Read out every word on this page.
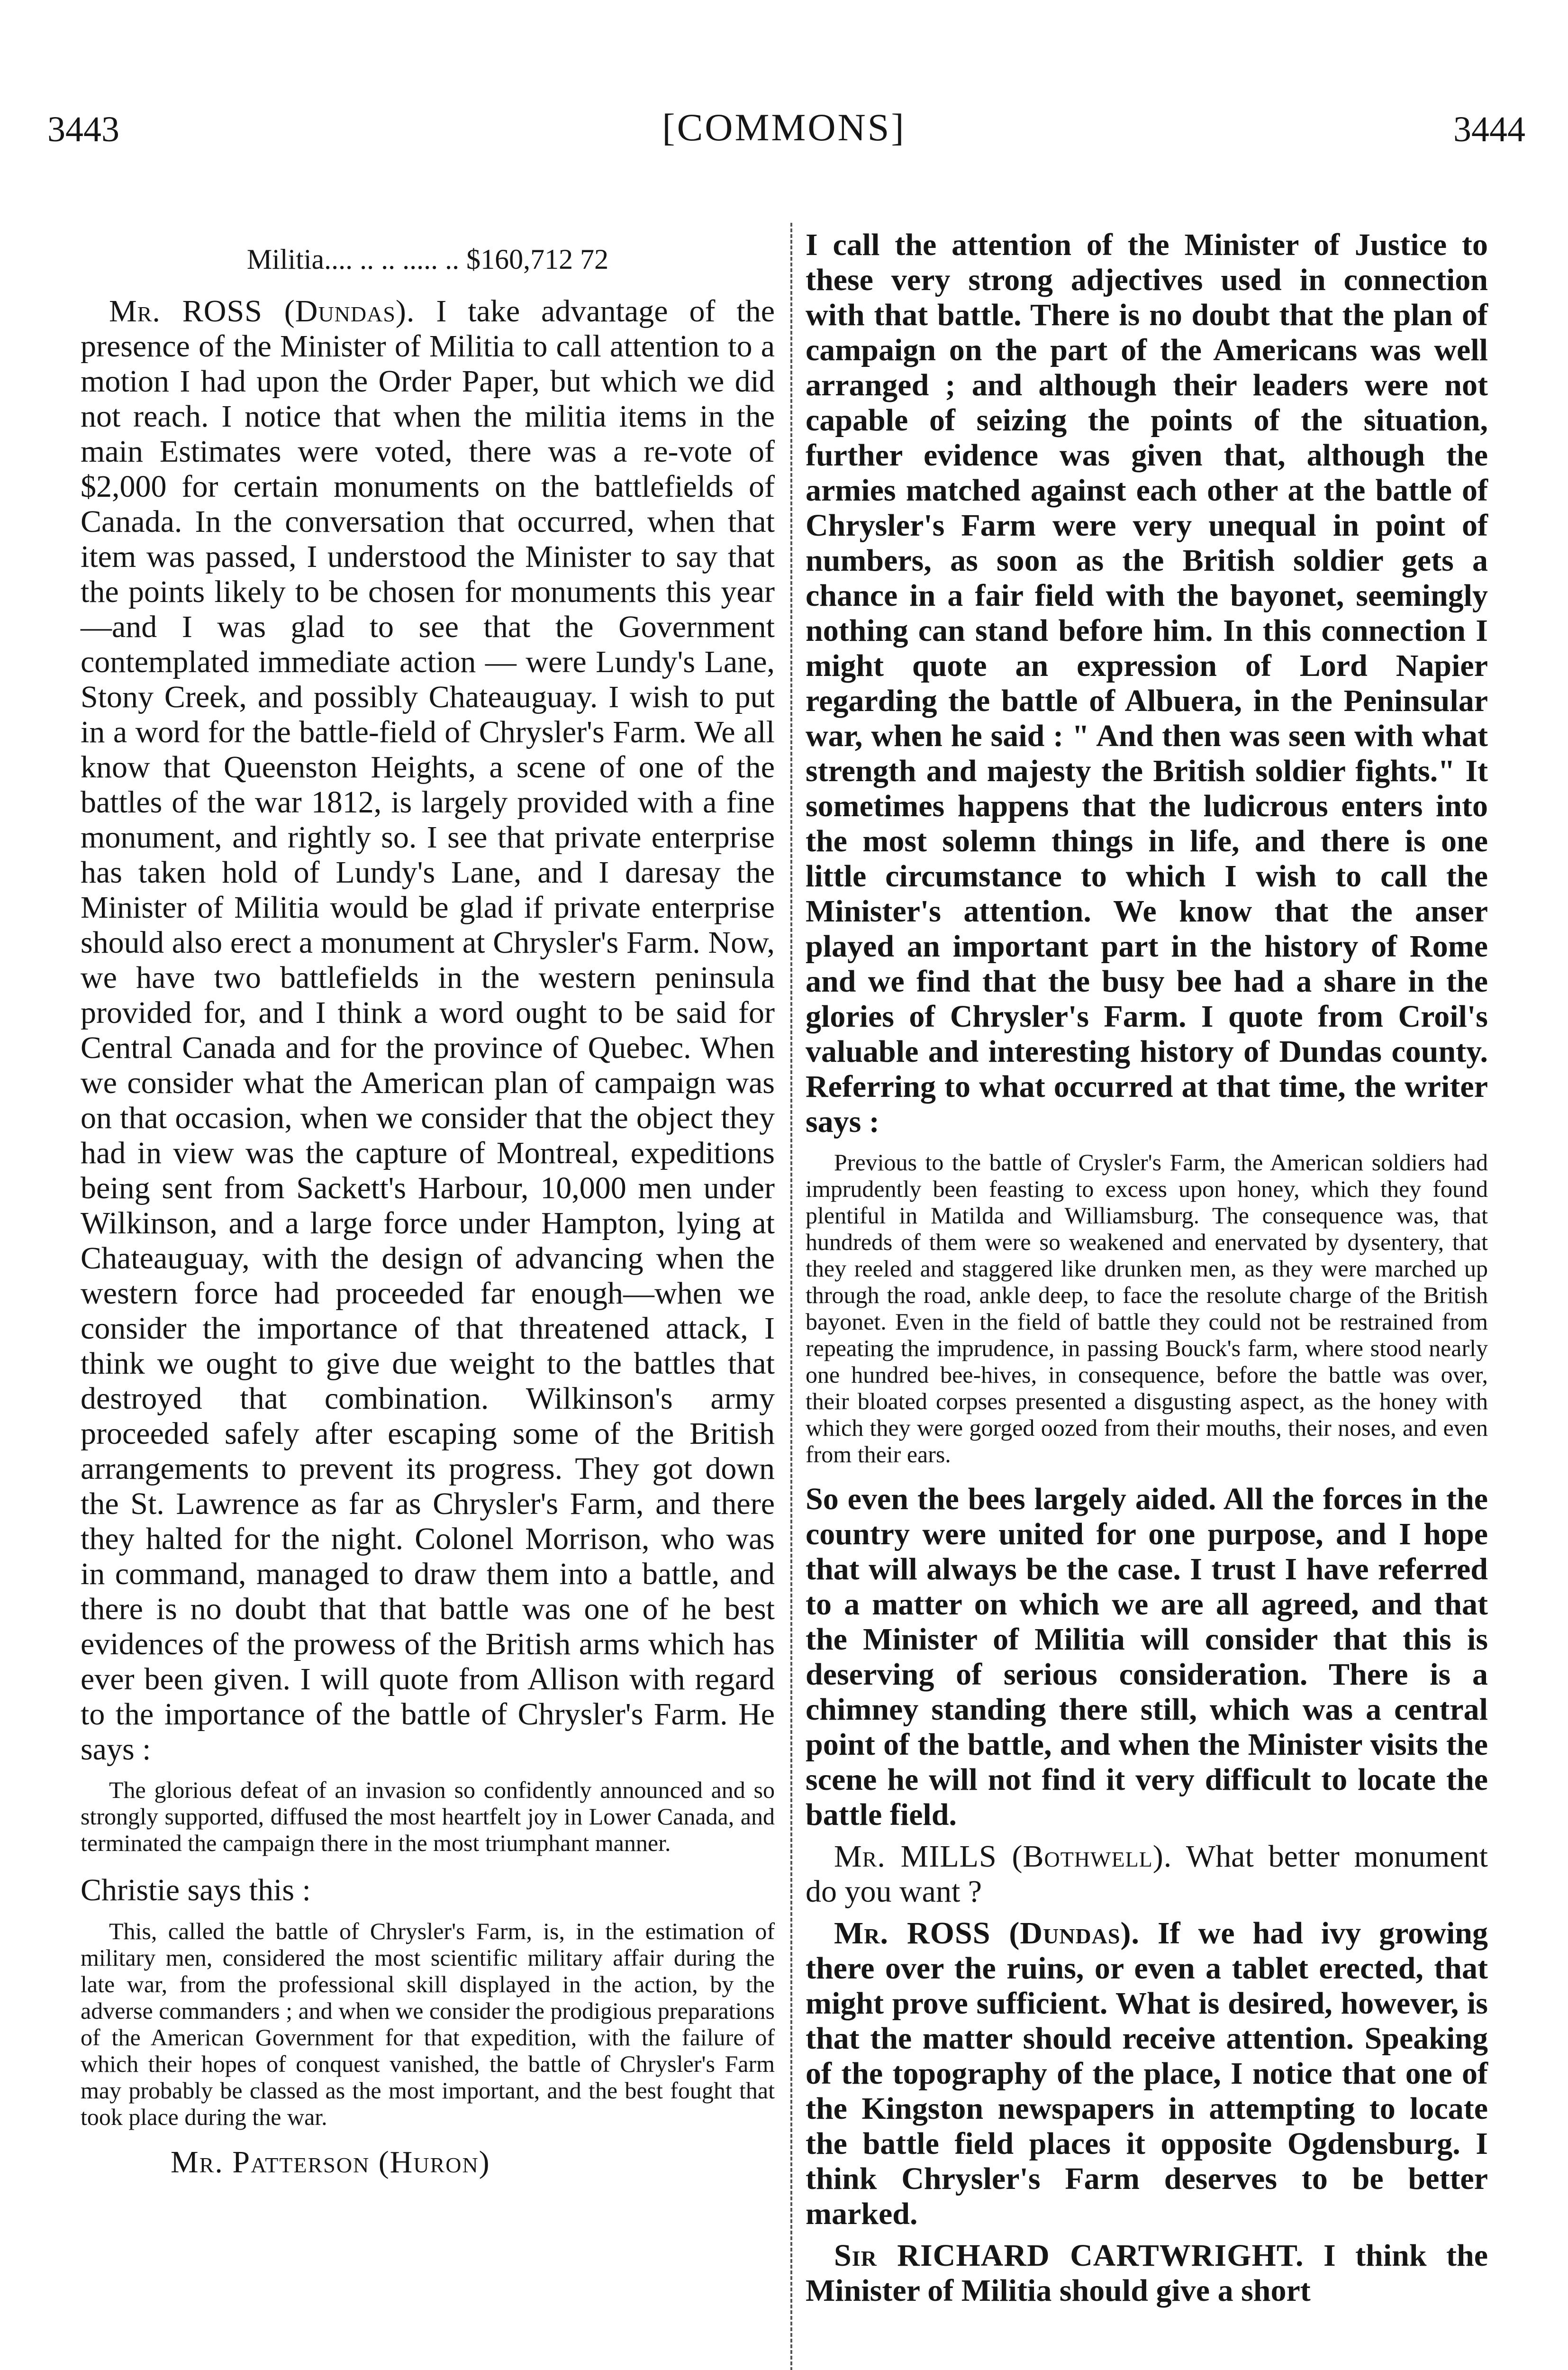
3443	[COMMONS]	3444
Militia.... .. .. ..... .. $160,712 72

Mr. ROSS (Dundas). I take advantage of the presence of the Minister of Militia to call attention to a motion I had upon the Order Paper, but which we did not reach. I notice that when the militia items in the main Estimates were voted, there was a re-vote of $2,000 for certain monuments on the battlefields of Canada. In the conversation that occurred, when that item was passed, I understood the Minister to say that the points likely to be chosen for monuments this year—and I was glad to see that the Government contemplated immediate action — were Lundy's Lane, Stony Creek, and possibly Chateauguay. I wish to put in a word for the battle-field of Chrysler's Farm. We all know that Queenston Heights, a scene of one of the battles of the war 1812, is largely provided with a fine monument, and rightly so. I see that private enterprise has taken hold of Lundy's Lane, and I daresay the Minister of Militia would be glad if private enterprise should also erect a monument at Chrysler's Farm. Now, we have two battlefields in the western peninsula provided for, and I think a word ought to be said for Central Canada and for the province of Quebec. When we consider what the American plan of campaign was on that occasion, when we consider that the object they had in view was the capture of Montreal, expeditions being sent from Sackett's Harbour, 10,000 men under Wilkinson, and a large force under Hampton, lying at Chateauguay, with the design of advancing when the western force had proceeded far enough—when we consider the importance of that threatened attack, I think we ought to give due weight to the battles that destroyed that combination. Wilkinson's army proceeded safely after escaping some of the British arrangements to prevent its progress. They got down the St. Lawrence as far as Chrysler's Farm, and there they halted for the night. Colonel Morrison, who was in command, managed to draw them into a battle, and there is no doubt that that battle was one of he best evidences of the prowess of the British arms which has ever been given. I will quote from Allison with regard to the importance of the battle of Chrysler's Farm. He says :

The glorious defeat of an invasion so confidently announced and so strongly supported, diffused the most heartfelt joy in Lower Canada, and terminated the campaign there in the most triumphant manner.
Christie says this :
This, called the battle of Chrysler's Farm, is, in the estimation of military men, considered the most scientific military affair during the late war, from the professional skill displayed in the action, by the adverse commanders ; and when we consider the prodigious preparations of the American Government for that expedition, with the failure of which their hopes of conquest vanished, the battle of Chrysler's Farm may probably be classed as the most important, and the best fought that took place during the war.
Mr. Patterson (Huron)

I call the attention of the Minister of Justice to these very strong adjectives used in connection with that battle. There is no doubt that the plan of campaign on the part of the Americans was well arranged ; and although their leaders were not capable of seizing the points of the situation, further evidence was given that, although the armies matched against each other at the battle of Chrysler's Farm were very unequal in point of numbers, as soon as the British soldier gets a chance in a fair field with the bayonet, seemingly nothing can stand before him. In this connection I might quote an expression of Lord Napier regarding the battle of Albuera, in the Peninsular war, when he said : " And then was seen with what strength and majesty the British soldier fights." It sometimes happens that the ludicrous enters into the most solemn things in life, and there is one little circumstance to which I wish to call the Minister's attention. We know that the anser played an important part in the history of Rome and we find that the busy bee had a share in the glories of Chrysler's Farm. I quote from Croil's valuable and interesting history of Dundas county. Referring to what occurred at that time, the writer says :

Previous to the battle of Crysler's Farm, the American soldiers had imprudently been feasting to excess upon honey, which they found plentiful in Matilda and Williamsburg. The consequence was, that hundreds of them were so weakened and enervated by dysentery, that they reeled and staggered like drunken men, as they were marched up through the road, ankle deep, to face the resolute charge of the British bayonet. Even in the field of battle they could not be restrained from repeating the imprudence, in passing Bouck's farm, where stood nearly one hundred bee-hives, in consequence, before the battle was over, their bloated corpses presented a disgusting aspect, as the honey with which they were gorged oozed from their mouths, their noses, and even from their ears.

So even the bees largely aided. All the forces in the country were united for one purpose, and I hope that will always be the case. I trust I have referred to a matter on which we are all agreed, and that the Minister of Militia will consider that this is deserving of serious consideration. There is a chimney standing there still, which was a central point of the battle, and when the Minister visits the scene he will not find it very difficult to locate the battle field.

Mr. MILLS (Bothwell). What better monument do you want ?

Mr. ROSS (Dundas). If we had ivy growing there over the ruins, or even a tablet erected, that might prove sufficient. What is desired, however, is that the matter should receive attention. Speaking of the topography of the place, I notice that one of the Kingston newspapers in attempting to locate the battle field places it opposite Ogdensburg. I think Chrysler's Farm deserves to be better marked.

Sir RICHARD CARTWRIGHT. I think the Minister of Militia should give a short
